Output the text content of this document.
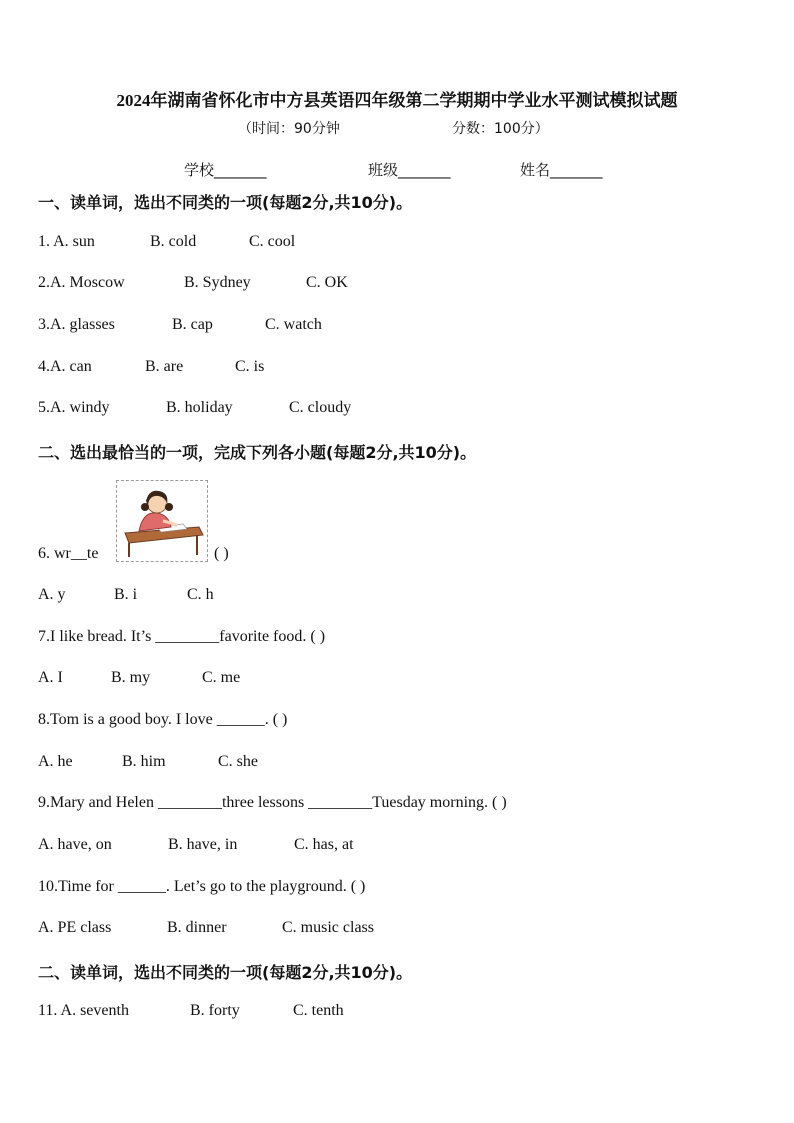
2024年湖南省怀化市中方县英语四年级第二学期期中学业水平测试模拟试题
（时间：90分钟	分数：100分）
学校_______	班级_______	姓名_______
一、读单词，选出不同类的一项(每题2分,共10分)。
1. A. sun	B. cold	C. cool
2.A. Moscow	B. Sydney	C. OK
3.A. glasses	B. cap	C. watch
4.A. can	B. are	C. is
5.A. windy	B. holiday	C. cloudy
二、选出最恰当的一项，完成下列各小题(每题2分,共10分)。
6. wr__te	( )
A. y	B. i	C. h
7.I like bread. It’s ________favorite food. ( )
A. I	B. my	C. me
8.Tom is a good boy. I love ______. ( )
A. he	B. him	C. she
9.Mary and Helen ________three lessons ________Tuesday morning. ( )
A. have, on	B. have, in	C. has, at
10.Time for ______. Let’s go to the playground. ( )
A. PE class	B. dinner	C. music class
二、读单词，选出不同类的一项(每题2分,共10分)。
11. A. seventh	B. forty	C. tenth
